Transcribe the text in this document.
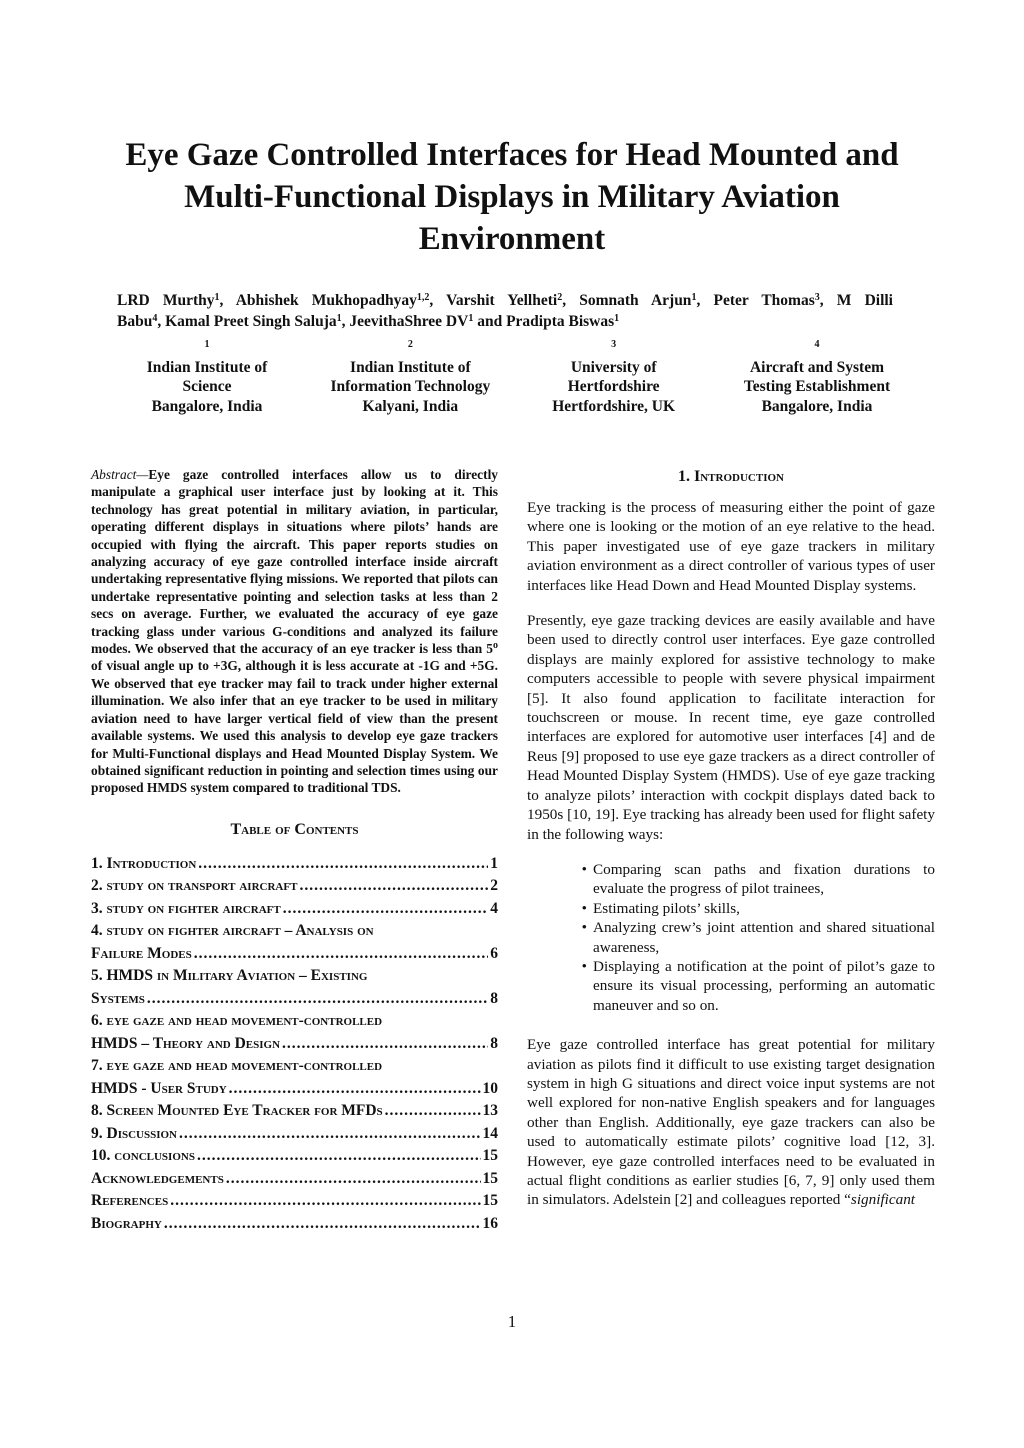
Eye Gaze Controlled Interfaces for Head Mounted and
Multi-Functional Displays in Military Aviation
Environment
LRD Murthy$^1$, Abhishek Mukhopadhyay$^{1,2}$, Varshit Yellheti$^2$, Somnath Arjun$^1$, Peter Thomas$^3$, M Dilli
Babu$^4$, Kamal Preet Singh Saluja$^1$, JeevithaShree $DV^1$ and Pradipta Biswas$^1$
$^1$
Indian Institute of
Science
Bangalore, India
$^2$
Indian Institute of
Information Technology
Kalyani, India
$^3$
University of
Hertfordshire
Hertfordshire, UK
$^4$
Aircraft and System
Testing Establishment
Bangalore, India

Abstract—Eye gaze controlled interfaces allow us to directly manipulate a graphical user interface just by looking at it. This technology has great potential in military aviation, in particular, operating different displays in situations where pilots’ hands are occupied with flying the aircraft. This paper reports studies on analyzing accuracy of eye gaze controlled interface inside aircraft undertaking representative flying missions. We reported that pilots can undertake representative pointing and selection tasks at less than 2 secs on average. Further, we evaluated the accuracy of eye gaze tracking glass under various G-conditions and analyzed its failure modes. We observed that the accuracy of an eye tracker is less than 5$^o$ of visual angle up to +3G, although it is less accurate at -1G and +5G. We observed that eye tracker may fail to track under higher external illumination. We also infer that an eye tracker to be used in military aviation need to have larger vertical field of view than the present available systems. We used this analysis to develop eye gaze trackers for Multi-Functional displays and Head Mounted Display System. We obtained significant reduction in pointing and selection times using our proposed HMDS system compared to traditional TDS.

Table of Contents
1. Introduction .....	1
2. study on transport aircraft .....	2
3. study on fighter aircraft .....	4
4. study on fighter aircraft – Analysis on
Failure Modes .....	6
5. HMDS in Military Aviation – Existing
Systems .....	8
6. eye gaze and head movement-controlled
HMDS – Theory and Design .....	8
7. eye gaze and head movement-controlled
HMDS - User Study .....	10
8. Screen Mounted Eye Tracker for MFDs .....	13
9. Discussion .....	14
10. conclusions .....	15
Acknowledgements .....	15
References .....	15
Biography .....	16
1. Introduction

Eye tracking is the process of measuring either the point of gaze where one is looking or the motion of an eye relative to the head. This paper investigated use of eye gaze trackers in military aviation environment as a direct controller of various types of user interfaces like Head Down and Head Mounted Display systems.

Presently, eye gaze tracking devices are easily available and have been used to directly control user interfaces. Eye gaze controlled displays are mainly explored for assistive technology to make computers accessible to people with severe physical impairment [5]. It also found application to facilitate interaction for touchscreen or mouse. In recent time, eye gaze controlled interfaces are explored for automotive user interfaces [4] and de Reus [9] proposed to use eye gaze trackers as a direct controller of Head Mounted Display System (HMDS). Use of eye gaze tracking to analyze pilots’ interaction with cockpit displays dated back to 1950s [10, 19]. Eye tracking has already been used for flight safety in the following ways:

• Comparing scan paths and fixation durations to evaluate the progress of pilot trainees,
• Estimating pilots’ skills,
• Analyzing crew’s joint attention and shared situational awareness,
• Displaying a notification at the point of pilot’s gaze to ensure its visual processing, performing an automatic maneuver and so on.

Eye gaze controlled interface has great potential for military aviation as pilots find it difficult to use existing target designation system in high G situations and direct voice input systems are not well explored for non-native English speakers and for languages other than English. Additionally, eye gaze trackers can also be used to automatically estimate pilots’ cognitive load [12, 3]. However, eye gaze controlled interfaces need to be evaluated in actual flight conditions as earlier studies [6, 7, 9] only used them in simulators. Adelstein [2] and colleagues reported “significant

1
